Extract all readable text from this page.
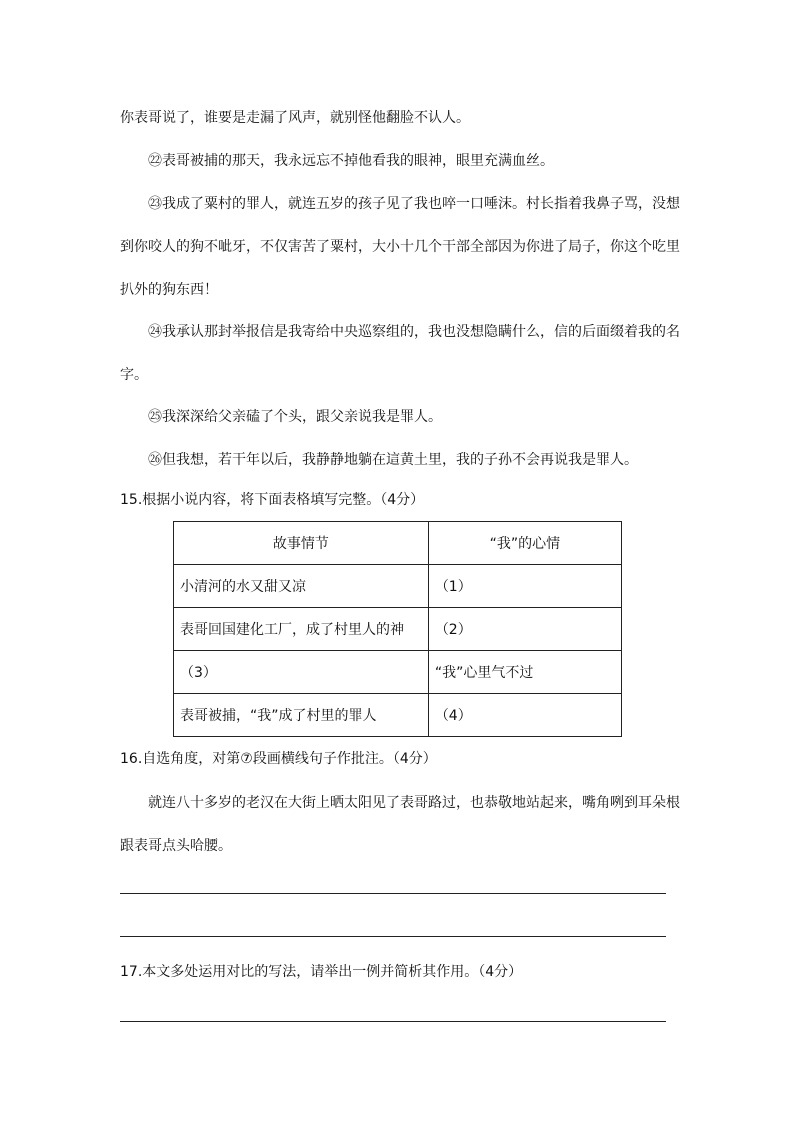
你表哥说了，谁要是走漏了风声，就别怪他翻脸不认人。
㉒表哥被捕的那天，我永远忘不掉他看我的眼神，眼里充满血丝。
㉓我成了粟村的罪人，就连五岁的孩子见了我也啐一口唾沫。村长指着我鼻子骂，没想
到你咬人的狗不呲牙，不仅害苦了粟村，大小十几个干部全部因为你进了局子，你这个吃里
扒外的狗东西！
㉔我承认那封举报信是我寄给中央巡察组的，我也没想隐瞒什么，信的后面缀着我的名
字。
㉕我深深给父亲磕了个头，跟父亲说我是罪人。
㉖但我想，若干年以后，我静静地躺在這黄土里，我的子孙不会再说我是罪人。
15.根据小说内容，将下面表格填写完整。（4分）
故事情节	“我”的心情
小清河的水又甜又凉	（1）
表哥回国建化工厂，成了村里人的神	（2）
（3）	“我”心里气不过
表哥被捕，“我”成了村里的罪人	（4）
16.自选角度，对第⑦段画横线句子作批注。（4分）
就连八十多岁的老汉在大街上晒太阳见了表哥路过，也恭敬地站起来，嘴角咧到耳朵根
跟表哥点头哈腰。
17.本文多处运用对比的写法，请举出一例并简析其作用。（4分）
